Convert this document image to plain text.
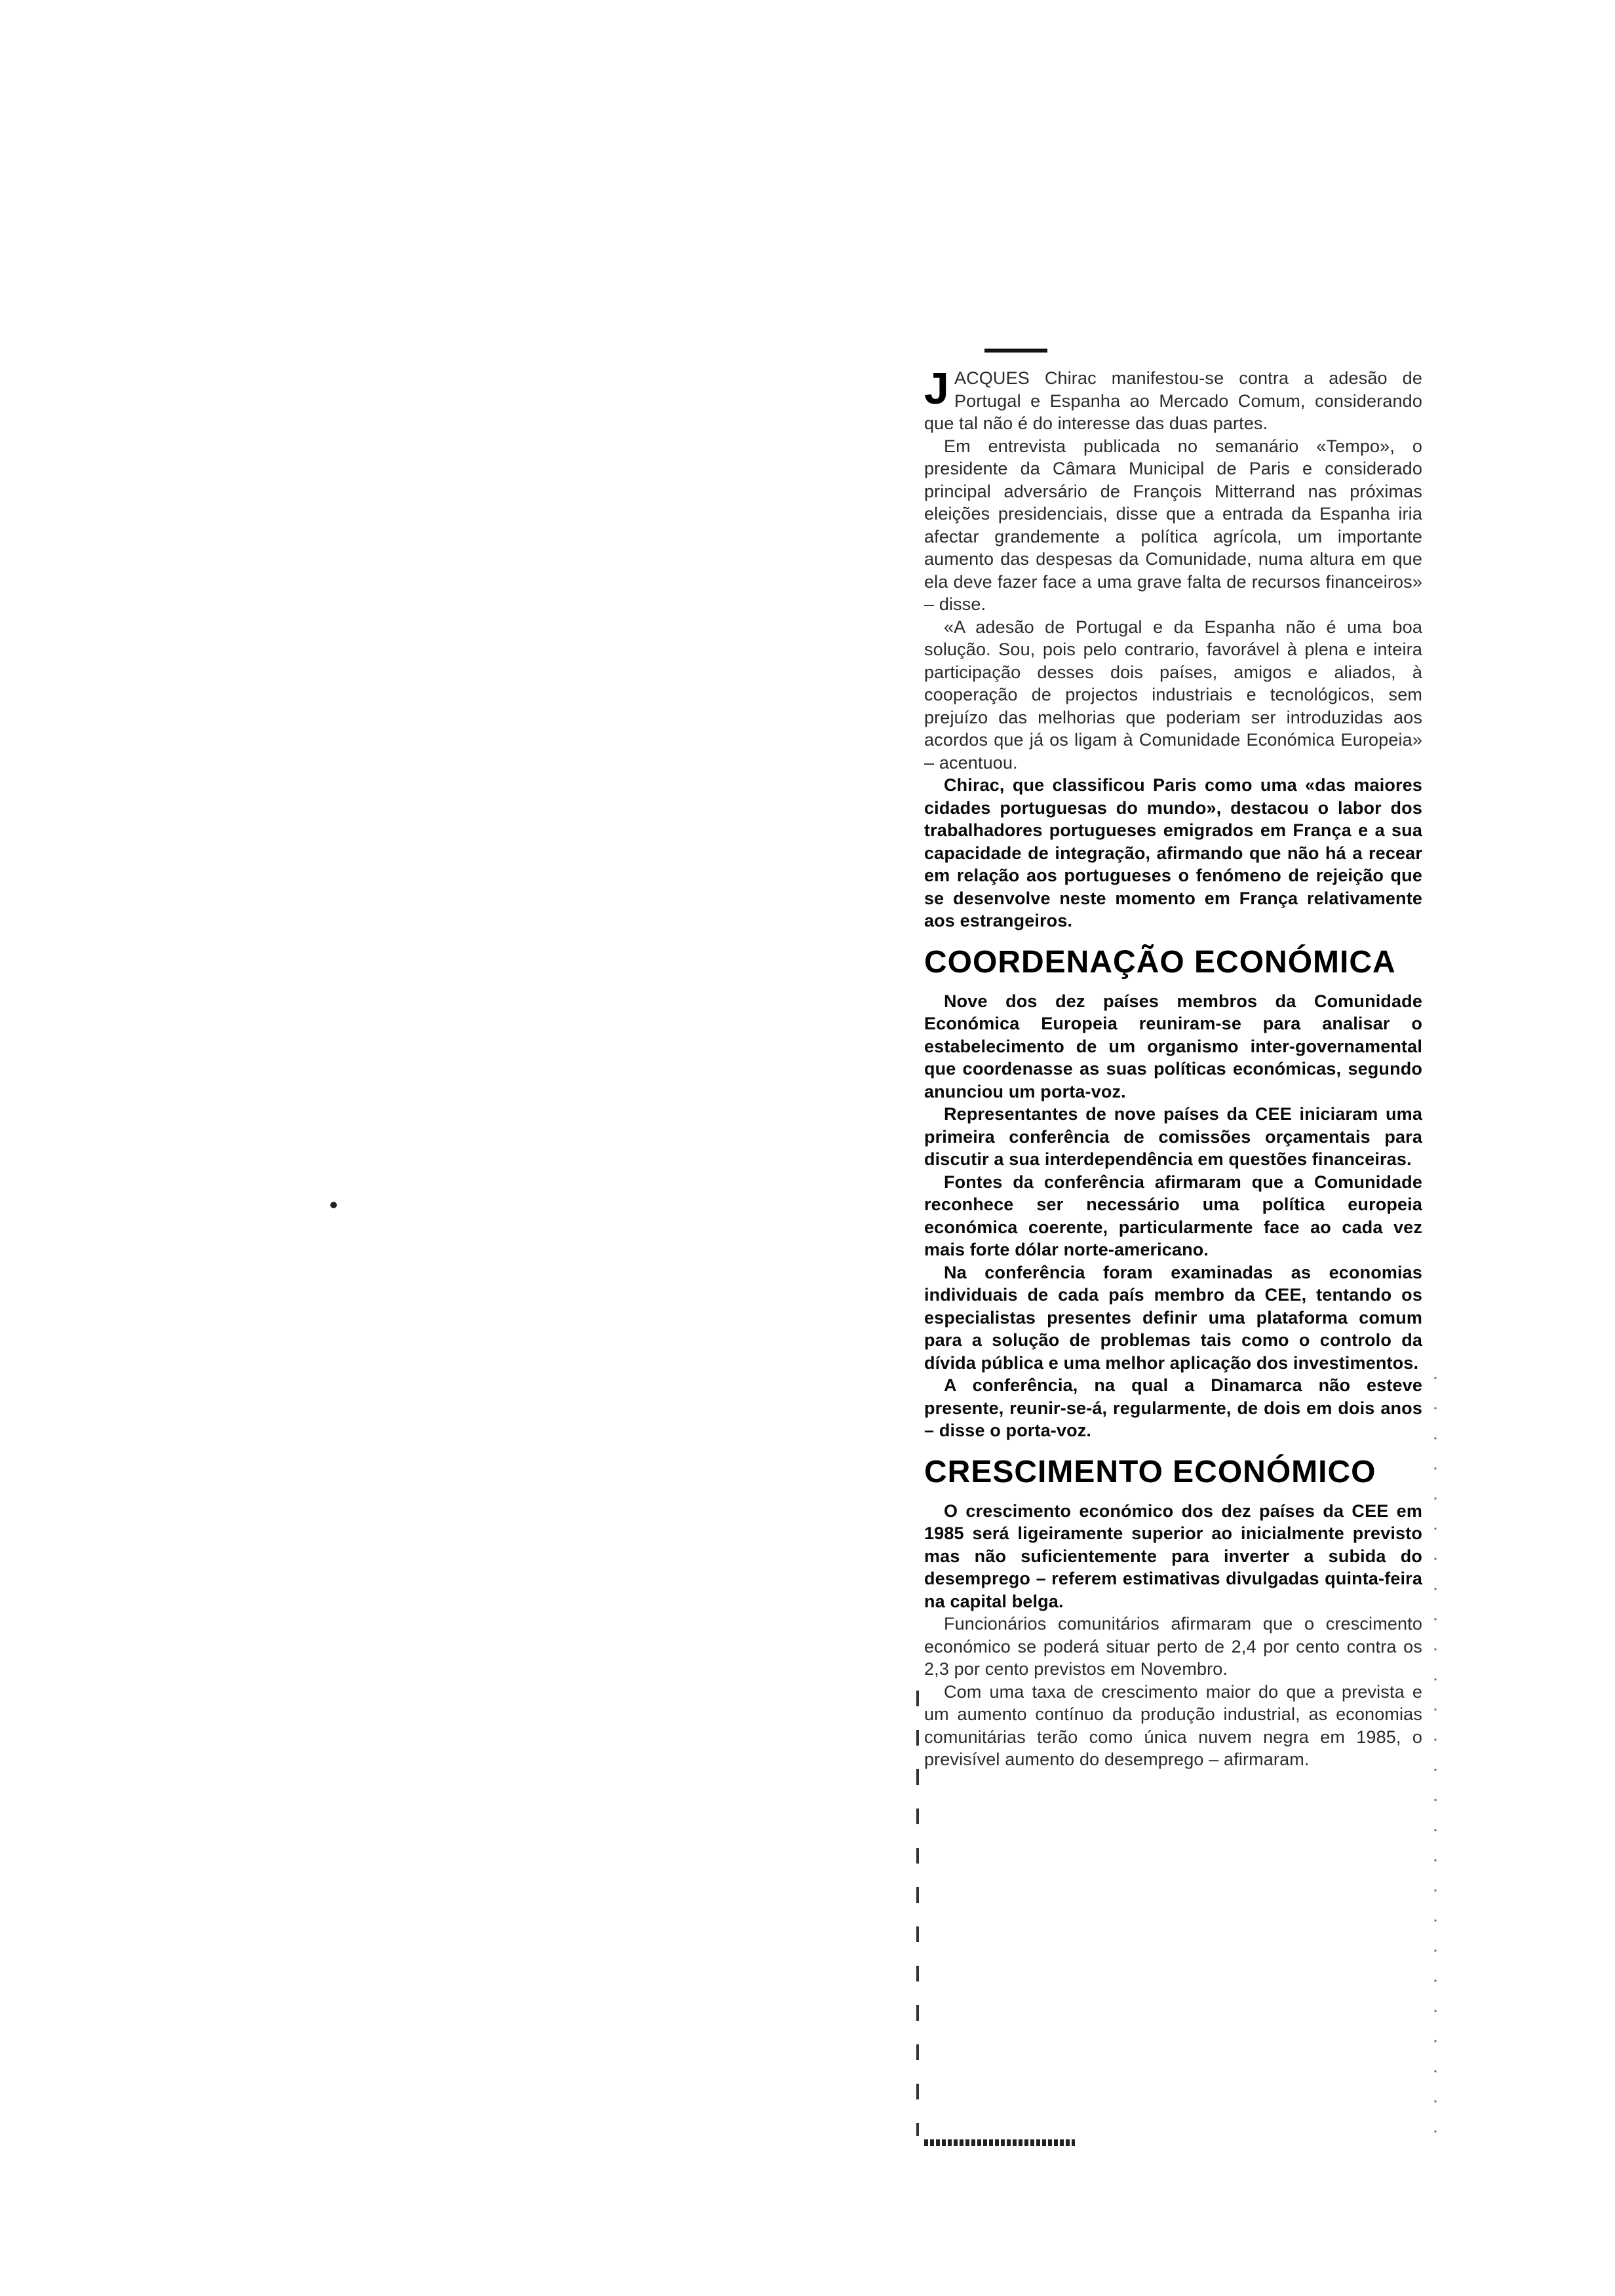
JACQUES Chirac manifestou-se contra a adesão de Portugal e Espanha ao Mercado Comum, considerando que tal não é do interesse das duas partes.

Em entrevista publicada no semanário «Tempo», o presidente da Câmara Municipal de Paris e considerado principal adversário de François Mitterrand nas próximas eleições presidenciais, disse que a entrada da Espanha iria afectar grandemente a política agrícola, um importante aumento das despesas da Comunidade, numa altura em que ela deve fazer face a uma grave falta de recursos financeiros» – disse.

«A adesão de Portugal e da Espanha não é uma boa solução. Sou, pois pelo contrario, favorável à plena e inteira participação desses dois países, amigos e aliados, à cooperação de projectos industriais e tecnológicos, sem prejuízo das melhorias que poderiam ser introduzidas aos acordos que já os ligam à Comunidade Económica Europeia» – acentuou.

Chirac, que classificou Paris como uma «das maiores cidades portuguesas do mundo», destacou o labor dos trabalhadores portugueses emigrados em França e a sua capacidade de integração, afirmando que não há a recear em relação aos portugueses o fenómeno de rejeição que se desenvolve neste momento em França relativamente aos estrangeiros.

COORDENAÇÃO ECONÓMICA

Nove dos dez países membros da Comunidade Económica Europeia reuniram-se para analisar o estabelecimento de um organismo inter-governamental que coordenasse as suas políticas económicas, segundo anunciou um porta-voz.

Representantes de nove países da CEE iniciaram uma primeira conferência de comissões orçamentais para discutir a sua interdependência em questões financeiras.

Fontes da conferência afirmaram que a Comunidade reconhece ser necessário uma política europeia económica coerente, particularmente face ao cada vez mais forte dólar norte-americano.

Na conferência foram examinadas as economias individuais de cada país membro da CEE, tentando os especialistas presentes definir uma plataforma comum para a solução de problemas tais como o controlo da dívida pública e uma melhor aplicação dos investimentos.

A conferência, na qual a Dinamarca não esteve presente, reunir-se-á, regularmente, de dois em dois anos – disse o porta-voz.

CRESCIMENTO ECONÓMICO

O crescimento económico dos dez países da CEE em 1985 será ligeiramente superior ao inicialmente previsto mas não suficientemente para inverter a subida do desemprego – referem estimativas divulgadas quinta-feira na capital belga.

Funcionários comunitários afirmaram que o crescimento económico se poderá situar perto de 2,4 por cento contra os 2,3 por cento previstos em Novembro.

Com uma taxa de crescimento maior do que a prevista e um aumento contínuo da produção industrial, as economias comunitárias terão como única nuvem negra em 1985, o previsível aumento do desemprego – afirmaram.
